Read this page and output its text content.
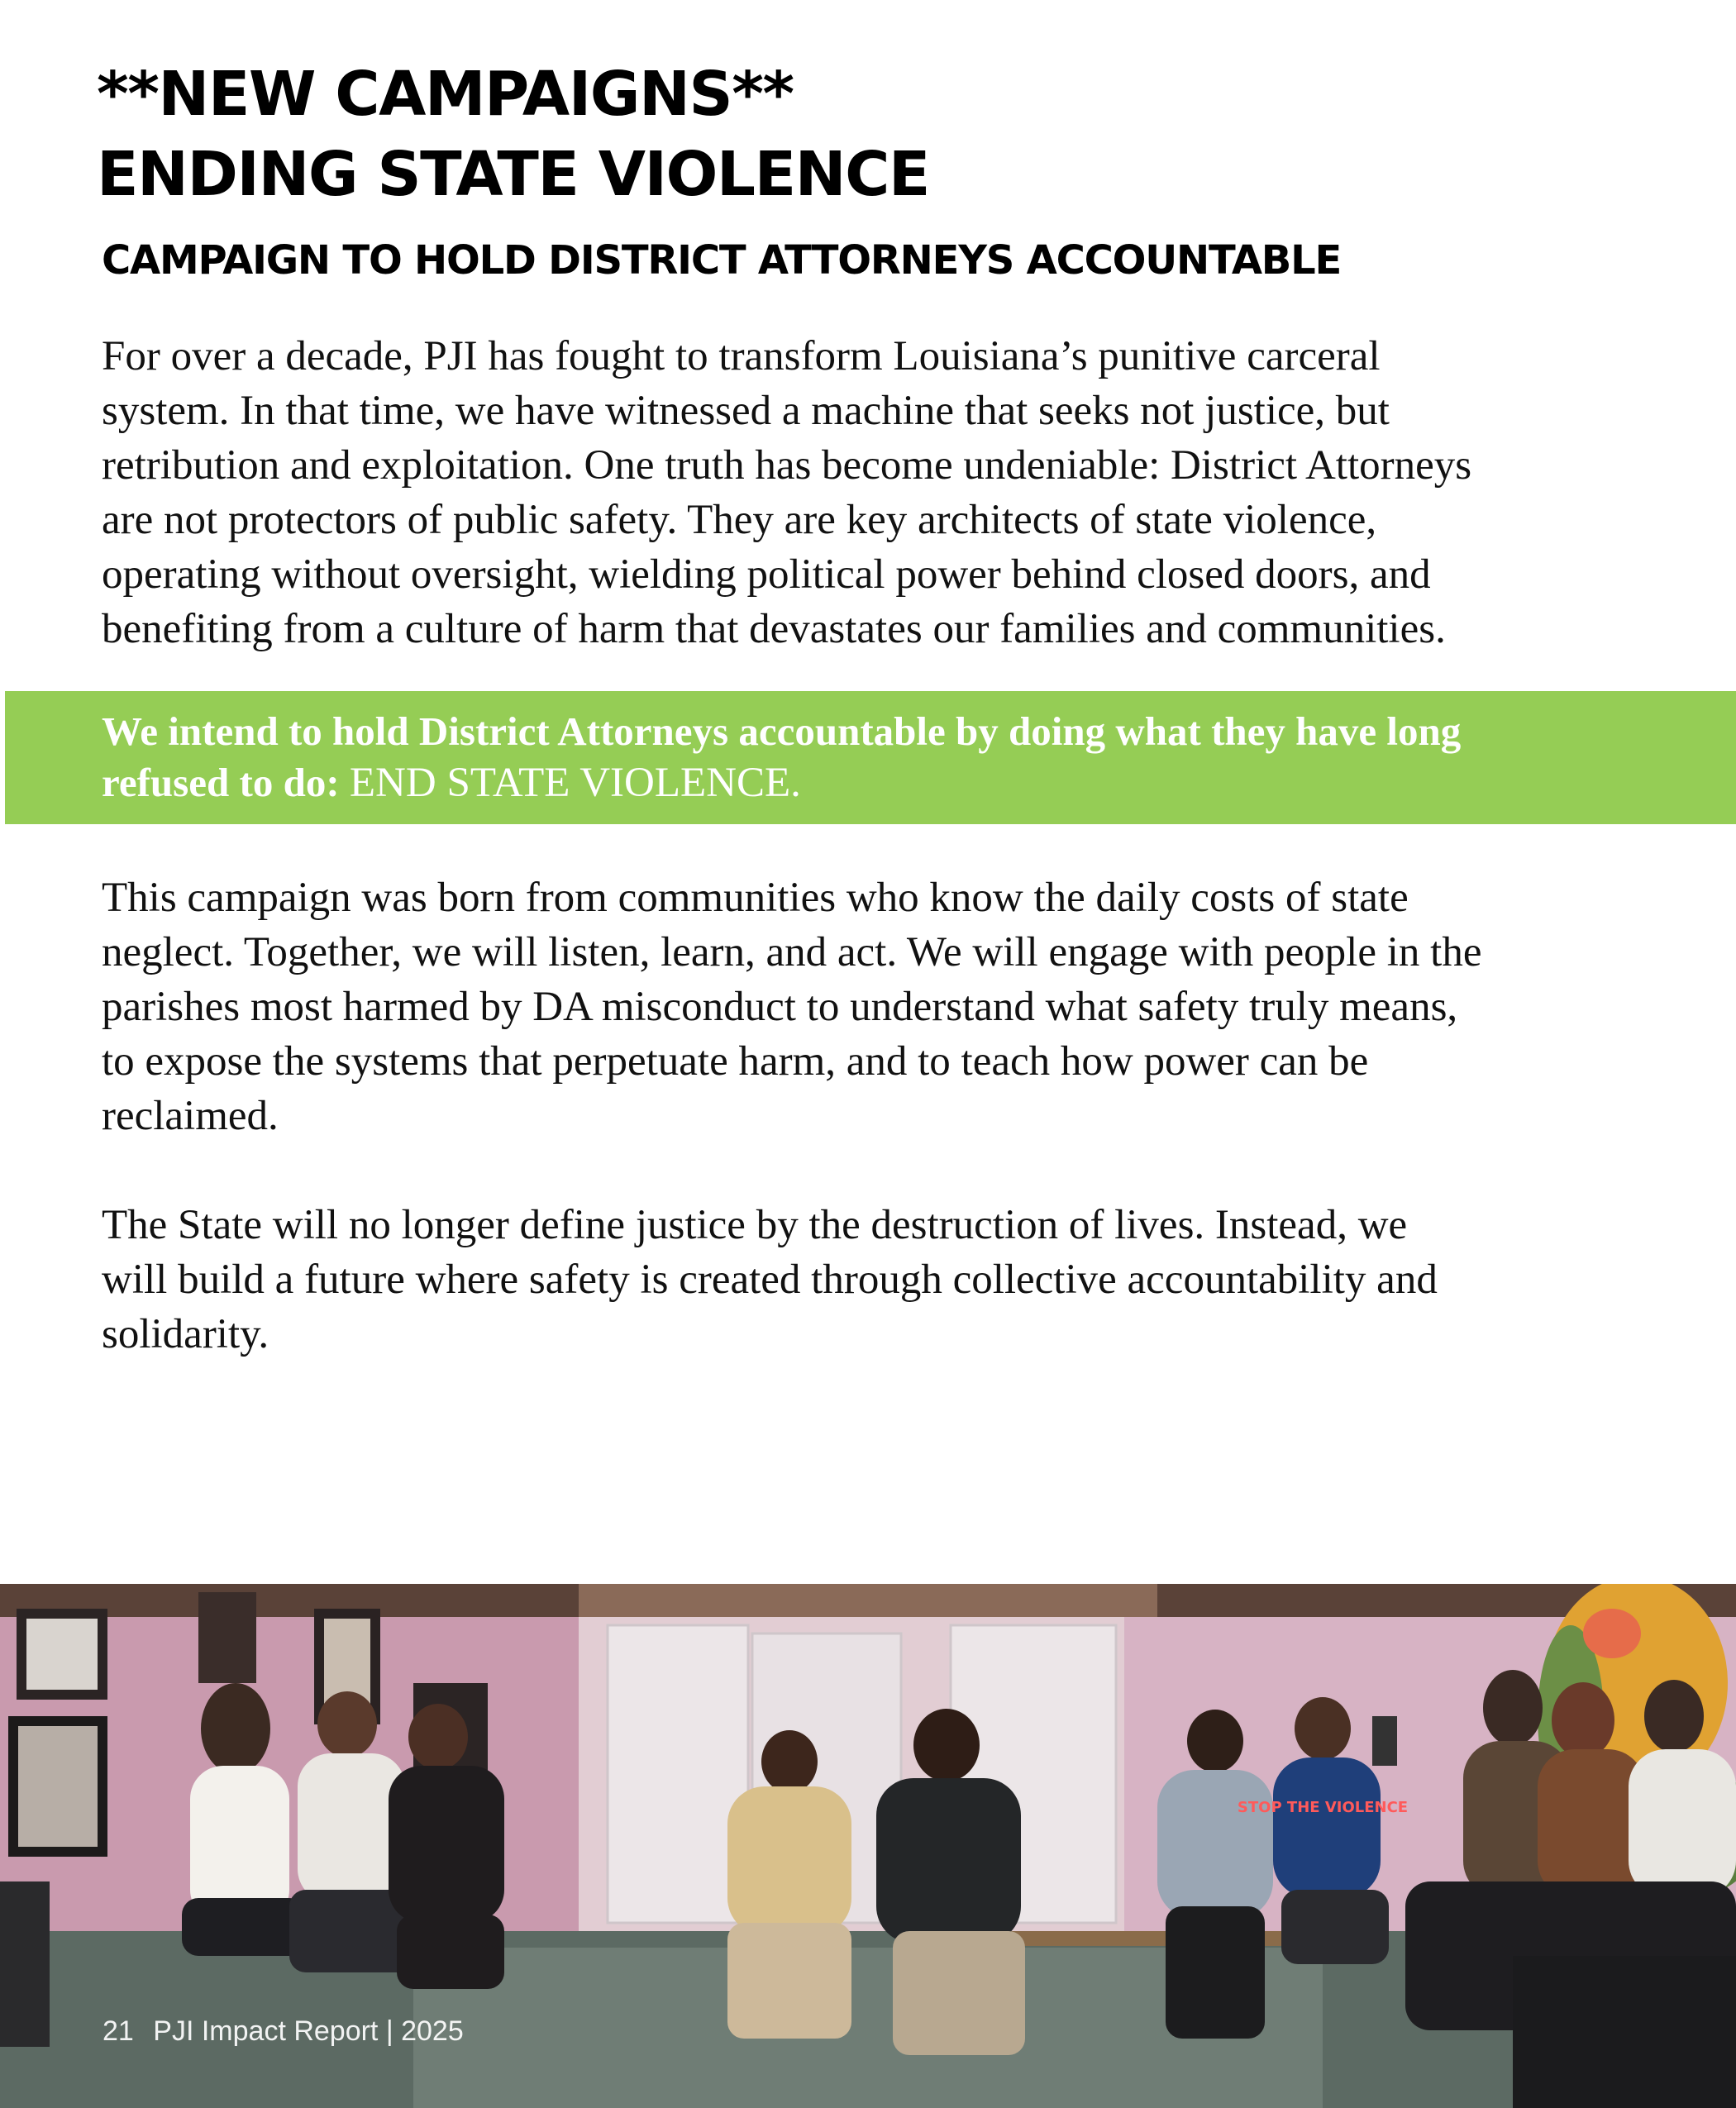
**NEW CAMPAIGNS**
ENDING STATE VIOLENCE
CAMPAIGN TO HOLD DISTRICT ATTORNEYS ACCOUNTABLE
For over a decade, PJI has fought to transform Louisiana’s punitive carceral
system. In that time, we have witnessed a machine that seeks not justice, but
retribution and exploitation. One truth has become undeniable: District Attorneys
are not protectors of public safety. They are key architects of state violence,
operating without oversight, wielding political power behind closed doors, and
benefiting from a culture of harm that devastates our families and communities.
We intend to hold District Attorneys accountable by doing what they have long
refused to do: END STATE VIOLENCE.
This campaign was born from communities who know the daily costs of state
neglect. Together, we will listen, learn, and act. We will engage with people in the
parishes most harmed by DA misconduct to understand what safety truly means,
to expose the systems that perpetuate harm, and to teach how power can be
reclaimed.
The State will no longer define justice by the destruction of lives. Instead, we
will build a future where safety is created through collective accountability and
solidarity.
STOP THE VIOLENCE
21 PJI Impact Report | 2025
